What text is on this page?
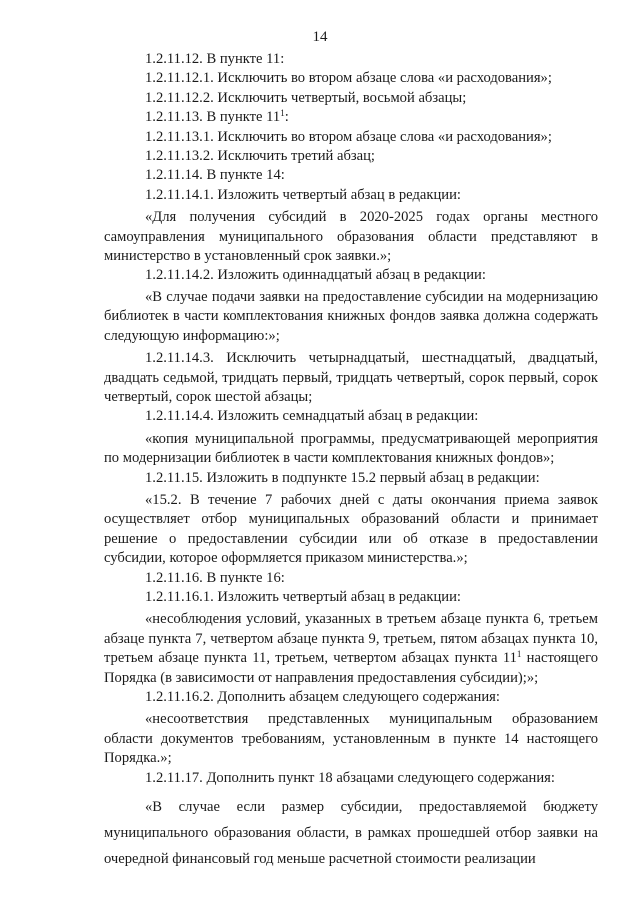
14

1.2.11.12. В пункте 11:

1.2.11.12.1. Исключить во втором абзаце слова «и расходования»;

1.2.11.12.2. Исключить четвертый, восьмой абзацы;

1.2.11.13. В пункте $11^1$:

1.2.11.13.1. Исключить во втором абзаце слова «и расходования»;

1.2.11.13.2. Исключить третий абзац;

1.2.11.14. В пункте 14:

1.2.11.14.1. Изложить четвертый абзац в редакции:

«Для получения субсидий в 2020-2025 годах органы местного самоуправления муниципального образования области представляют в министерство в установленный срок заявки.»;

1.2.11.14.2. Изложить одиннадцатый абзац в редакции:

«В случае подачи заявки на предоставление субсидии на модернизацию библиотек в части комплектования книжных фондов заявка должна содержать следующую информацию:»;

1.2.11.14.3. Исключить четырнадцатый, шестнадцатый, двадцатый, двадцать седьмой, тридцать первый, тридцать четвертый, сорок первый, сорок четвертый, сорок шестой абзацы;

1.2.11.14.4. Изложить семнадцатый абзац в редакции:

«копия муниципальной программы, предусматривающей мероприятия по модернизации библиотек в части комплектования книжных фондов»;

1.2.11.15. Изложить в подпункте 15.2 первый абзац в редакции:

«15.2. В течение 7 рабочих дней с даты окончания приема заявок осуществляет отбор муниципальных образований области и принимает решение о предоставлении субсидии или об отказе в предоставлении субсидии, которое оформляется приказом министерства.»;

1.2.11.16. В пункте 16:

1.2.11.16.1. Изложить четвертый абзац в редакции:

«несоблюдения условий, указанных в третьем абзаце пункта 6, третьем абзаце пункта 7, четвертом абзаце пункта 9, третьем, пятом абзацах пункта 10, третьем абзаце пункта 11, третьем, четвертом абзацах пункта $11^1$ настоящего Порядка (в зависимости от направления предоставления субсидии);»;

1.2.11.16.2. Дополнить абзацем следующего содержания:

«несоответствия представленных муниципальным образованием области документов требованиям, установленным в пункте 14 настоящего Порядка.»;

1.2.11.17. Дополнить пункт 18 абзацами следующего содержания:

«В случае если размер субсидии, предоставляемой бюджету муниципального образования области, в рамках прошедшей отбор заявки на очередной финансовый год меньше расчетной стоимости реализации
